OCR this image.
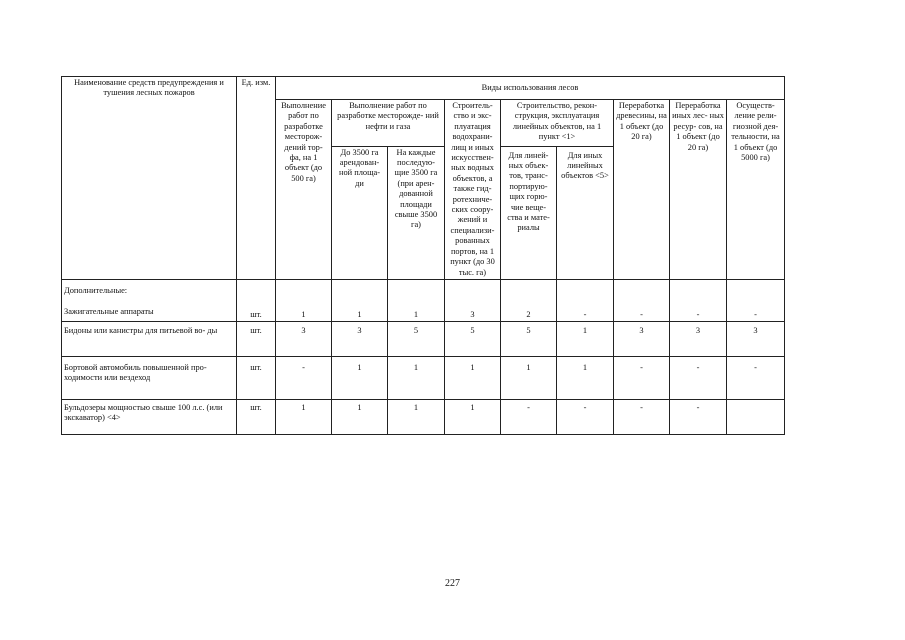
Наименование средств предупреждения и тушения лесных пожаров	Ед. изм.	Виды использования лесов								
		Выполнение работ по разработке месторож- дений тор- фа, на 1 объект (до 500 га)	Выполнение работ по разработке месторожде- ний нефти и газа		Строитель- ство и экс- плуатация водохрани- лищ и иных искусствен- ных водных объектов, а также гид- ротехниче- ских соору- жений и специализи- рованных портов, на 1 пункт (до 30 тыс. га)	Строительство, рекон- струкция, эксплуатация линейных объектов, на 1 пункт <1>		Переработка древесины, на 1 объект (до 20 га)	Переработка иных лес- ных ресур- сов, на 1 объект (до 20 га)	Осуществ- ление рели- гиозной дея- тельности, на 1 объект (до 5000 га)
			До 3500 га арендован- ной площа- ди	На каждые последую- щие 3500 га (при арен- дованной площади свыше 3500 га)		Для линей- ных объек- тов, транс- портирую- щих горю- чие веще- ства и мате- риалы	Для иных линейных объектов <5>			

Дополнительные:
Зажигательные аппараты	шт.	1	1	1	3	2	-	-	-	-
Бидоны или канистры для питьевой во- ды	шт.	3	3	5	5	5	1	3	3	3
Бортовой автомобиль повышенной про- ходимости или вездеход	шт.	-	1	1	1	1	1	-	-	-
Бульдозеры мощностью свыше 100 л.с. (или экскаватор) <4>	шт.	1	1	1	1	-	-	-	-	
227
